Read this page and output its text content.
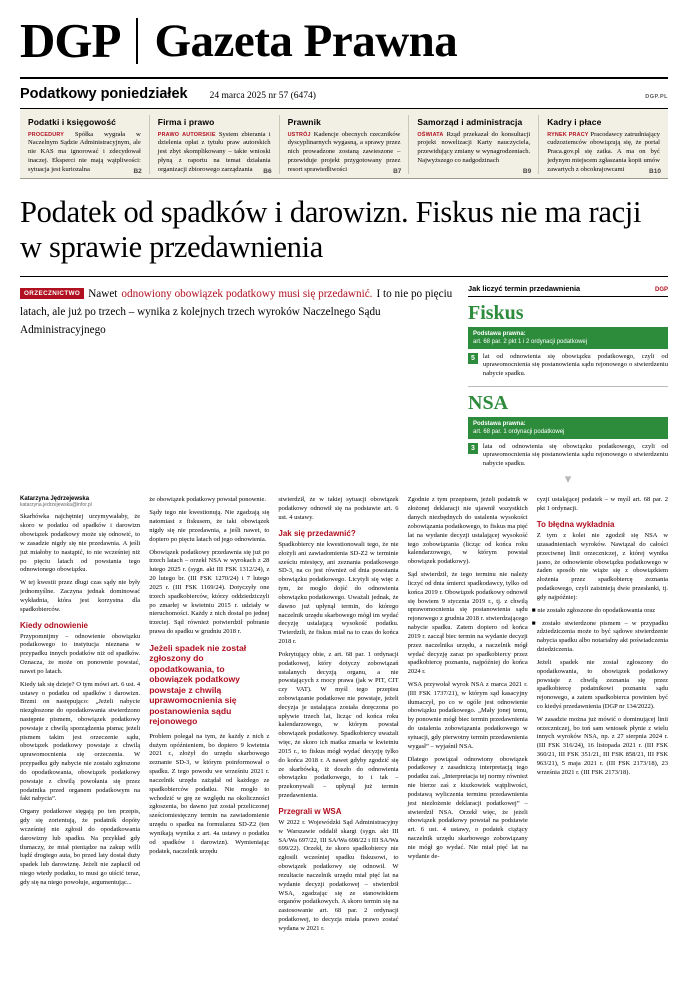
DGP Gazeta Prawna
Podatkowy poniedziałek 24 marca 2025 nr 57 (6474)	DGP.PL
Podatki i księgowość

PROCEDURY Spółka wygrała w Naczelnym Sądzie Administracyjnym, ale nie KAS ma ignorować i zdecydował inaczej. Eksperci nie mają wątpliwości: sytuacja jest kuriozalna	B2
Firma i prawo

PRAWO AUTORSKIE System zbierania i dzielenia opłat z tytułu praw autorskich jest zbyt skomplikowany – takie wnioski płyną z raportu na temat działania organizacji zbiorowego zarządzania	B6
Prawnik

USTRÓJ Kadencje obecnych rzeczników dyscyplinarnych wygasną, a sprawy przez nich prowadzone zostaną zawieszone – przewiduje projekt przygotowany przez resort sprawiedliwości	B7
Samorząd i administracja

OŚWIATA Rząd przekazał do konsultacji projekt nowelizacji Karty nauczyciela, przewidujący zmiany w wynagrodzeniach. Najwyższego co nadgodzinach

B9
Kadry i płace

RYNEK PRACY Pracodawcy zatrudniający cudzoziemców obowiązują się, że portal Praca.gov.pl się zatka. A ma on być jedynym miejscem zgłaszania kopii umów zawartych z obcokrajowcami	B10
Podatek od spadków i darowizn. Fiskus nie ma racji w sprawie przedawnienia
ORZECZNICTWO Nawet odnowiony obowiązek podatkowy musi się przedawnić. I to nie po pięciu latach, ale już po trzech – wynika z kolejnych trzech wyroków Naczelnego Sądu Administracyjnego
Jak liczyć termin przedawnienia	DGP
Fiskus
Podstawa prawna:
art. 68 par. 2 pkt 1 i 2 ordynacji podatkowej
5	lat od odnowienia się obowiązku podatkowego, czyli od uprawomocnienia się postanowienia sądu rejonowego o stwierdzeniu nabycie spadku.
NSA
Podstawa prawna:
art. 68 par. 1 ordynacji podatkowej
3	lata od odnowienia się obowiązku podatkowego, czyli od uprawomocnienia się postanowienia sądu rejonowego o stwierdzeniu nabycie spadku.
▾
Katarzyna Jędrzejewska
katarzyna.jedrzejewska@infor.pl

Skarbówka najchętniej urzymywałaby, że skoro w podatku od spadków i darowizn obowiązek podatkowy może się odnowić, to w zasadzie nigdy się nie przedawnia. A jeśli już miałoby to nastąpić, to nie wcześniej niż po pięciu latach od powstania tego odnowionego obowiązku.

W tej kwestii przez długi czas sądy nie były jednomyślne. Zaczyna jednak dominować wykładnia, która jest korzystna dla spadkobierców.

Kiedy odnowienie

Przypomnijmy – odnowienie obowiązku podatkowego to instytucja nieznana w przypadku innych podatków niż od spadków. Oznacza, że może on ponownie powstać, nawet po latach.

Kiedy tak się dzieje? O tym mówi art. 6 ust. 4 ustawy o podatku od spadków i darowizn. Brzmi on następująco: „Jeżeli nabycie niezgłoszone do opodatkowania stwierdzono następnie pismem, obowiązek podatkowy powstaje z chwilą sporządzenia pisma; jeżeli pismem takim jest orzeczenie sądu, obowiązek podatkowy powstaje z chwilą uprawomocnienia się orzeczenia. W przypadku gdy nabycie nie zostało zgłoszone do opodatkowania, obowiązek podatkowy powstaje z chwilą powołania się przez podatnika przed organem podatkowym na fakt nabycia”.

Organy podatkowe sięgają po ten przepis, gdy się zorientują, że podatnik dopóty wcześniej nie zgłosił do opodatkowania darowizny lub spadku. Na przykład gdy tłumaczy, że miał pieniądze na zakup willi bądź drogiego auta, bo przed laty dostał duży spadek lub darowiznę. Jeżeli nie zapłacił od niego wtedy podatku, to musi go uiścić teraz, gdy się na niego powołuje, argumentując...

że obowiązek podatkowy powstał ponownie.

Sądy tego nie kwestionują. Nie zgadzają się natomiast z fiskusem, że taki obowiązek nigdy się nie przedawnia, a jeśli nawet, to dopiero po pięciu latach od jego odnowienia.

Obowiązek podatkowy przedawnia się już po trzech latach – orzekł NSA w wyrokach z 28 lutego 2025 r. (sygn. akt III FSK 1312/24), z 20 lutego br. (III FSK 1270/24) i 7 lutego 2025 r. (III FSK 1169/24). Dotyczyły one trzech spadkobierców, którzy oddziedziczyli po zmarłej w kwietniu 2015 r. udziały w nieruchomości. Każdy z nich dostał po jednej trzeciej. Sąd również potwierdził pobranie prawa do spadku w grudniu 2018 r.

Jeżeli spadek nie został zgłoszony do opodatkowania, to obowiązek podatkowy powstaje z chwilą uprawomocnienia się postanowienia sądu rejonowego

Problem polegał na tym, że każdy z nich z dużym opóźnieniem, bo dopiero 9 kwietnia 2021 r., złożył do urzędu skarbowego zeznanie SD-3, w którym poinformował o spadku. Z tego powodu we wrześniu 2021 r. naczelnik urzędu zażądał od każdego ze spadkobierców podatku. Nie mogło to wchodzić w grę ze względu na okoliczności zgłoszenia, bo dawno już został przeliczonej sześciomiesięczny termin na zawiadomienie urzędu o spadku na formularzu SD-Z2 (ten wynikają wynika z art. 4a ustawy o podatku od spadków i darowizn). Wymieniając podatek, naczelnik urzędu

stwierdził, że w takiej sytuacji obowiązek podatkowy odnowił się na podstawie art. 6 ust. 4 ustawy.

Jak się przedawnić?

Spadkobiercy nie kwestionowali tego, że nie złożyli ani zawiadomienia SD-Z2 w terminie sześciu miesięcy, ani zeznania podatkowego SD-3, na co jest również od dnia powstania obowiązku podatkowego. Licytyli się więc z tym, że mogło dojść do odnowienia obowiązku podatkowego. Uważali jednak, że dawno już upłynął termin, do którego naczelnik urzędu skarbowego mógł im wydać decyzję ustalającą wysokość podatku. Twierdzili, że fiskus miał na to czas do końca 2018 r.

Pokrytujący obie, z art. 68 par. 1 ordynacji podatkowej, który dotyczy zobowiązań ustalanych decyzją organu, a nie powstających z mocy prawa (jak w PIT, CIT czy VAT). W myśl tego przepisu zobowiązanie podatkowe nie powstaje, jeżeli decyzja je ustalająca została doręczona po upływie trzech lat, licząc od końca roku kalendarzowego, w którym powstał obowiązek podatkowy. Spadkobiercy uważali więc, że skoro ich matka zmarła w kwietniu 2015 r., to fiskus mógł wydać decyzję tylko do końca 2018 r. A nawet gdyby zgodzić się ze skarbówką, iż doszło do odnowienia obowiązku podatkowego, to i tak – przekonywali – upłynął już termin przedawnienia.

Przegrali w WSA

W 2022 r. Wojewódzki Sąd Administracyjny w Warszawie oddalił skargi (sygn. akt III SA/Wa 697/22, III SA/Wa 698/22 i III SA/Wa 699/22). Orzekł, że skoro spadkobiercy nie zgłosili wcześniej spadku fiskusowi, to obowiązek podatkowy się odnowił. W rezultacie naczelnik urzędu miał pięć lat na wydanie decyzji podatkowej – stwierdził WSA, zgadzając się ze stanowiskiem organów podatkowych. A skoro termin się na zastosowanie art. 68 par. 2 ordynacji podatkowej, to decyzja miała prawo zostać wydana w 2021 r.

Zgodnie z tym przepisem, jeżeli podatnik w złożonej deklaracji nie ujawnił wszystkich danych niezbędnych do ustalenia wysokości zobowiązania podatkowego, to fiskus ma pięć lat na wydanie decyzji ustalającej wysokość tego zobowiązania (licząc od końca roku kalendarzowego, w którym powstał obowiązek podatkowy).

Sąd stwierdził, że tego terminu nie należy liczyć od dnia śmierci spadkodawcy, tylko od końca 2019 r. Obowiązek podatkowy odnowił się bowiem 9 stycznia 2019 r., tj. z chwilą uprawomocnienia się postanowienia sądu rejonowego z grudnia 2018 r. stwierdzającego nabycie spadku. Zatem dopiero od końca 2019 r. zaczął biec termin na wydanie decyzji przez naczelnika urzędu, a naczelnik mógł wydać decyzję zaraz po spadkobiercy przez spadkobiercę poznaniu, najpóźniej do końca 2024 r.

WSA przywołał wyrok NSA z marca 2021 r. (III FSK 1737/21), w którym sąd kasacyjny tłumaczył, po co w ogóle jest odnowienie obowiązku podatkowego. „Mały jonej temu, by ponownie mógł biec termin przedawnienia do ustalenia zobowiązania podatkowego w sytuacji, gdy pierwotny termin przedawnienia wygasł” – wyjaśnił NSA.

Dlatego powiązał odnowiony obowiązek podatkowy z zasadniczą interpretacją tego podatku zaś. „Interpretacja tej normy również nie bierze zaś z kiszkowiek wątpliwości, podstawą wyliczenia terminu przedawnienia jest niezłożenie deklaracji podatkowej” – stwierdził NSA. Orzekł więc, że jeżeli obowiązek podatkowy powstał na podstawie art. 6 ust. 4 ustawy, o podatek ciążący naczelnik urzędu skarbowego zobowiązany nie mógł go wydać. Nie miał pięć lat na wydanie de-

cyzji ustalającej podatek – w myśl art. 68 par. 2 pkt 1 ordynacji.

To błędna wykładnia

Z tym z kolei nie zgodził się NSA w uzasadnieniach wyroków. Nawiązał do całości przeciwnej linii orzeczniczej, z której wynika jasno, że odnowienie obowiązku podatkowego w żaden sposób nie wiąże się z obowiązkiem złożenia przez spadkobiercę zeznania podatkowego, czyli zaistnieją dwie przesłanki, tj. gdy najpóźniej:

■ nie zostało zgłoszone do opodatkowania oraz

■ zostało stwierdzone pismem – w przypadku zdziedziczenia może to być sądowe stwierdzenie nabycia spadku albo notarialny akt poświadczenia dziedziczenia.

Jeżeli spadek nie został zgłoszony do opodatkowania, to obowiązek podatkowy powstaje z chwilą zeznania się przez spadkobiercę podatnikowi poznaniu sądu rejonowego, a zatem spadkobierca powinien być co kiedyś przedawnienia (DGP nr 134/2022).

W zasadzie można już mówić o dominującej linii orzeczniczej, bo toń sam wniosek płynie z wielu innych wyroków NSA, np. z 27 sierpnia 2024 r. (III FSK 316/24), 16 listopada 2021 r. (III FSK 360/21, III FSK 351/21, III FSK 858/21, III FSK 963/21), 5 maja 2021 r. (III FSK 2173/18), 23 września 2021 r. (III FSK 2173/18).
